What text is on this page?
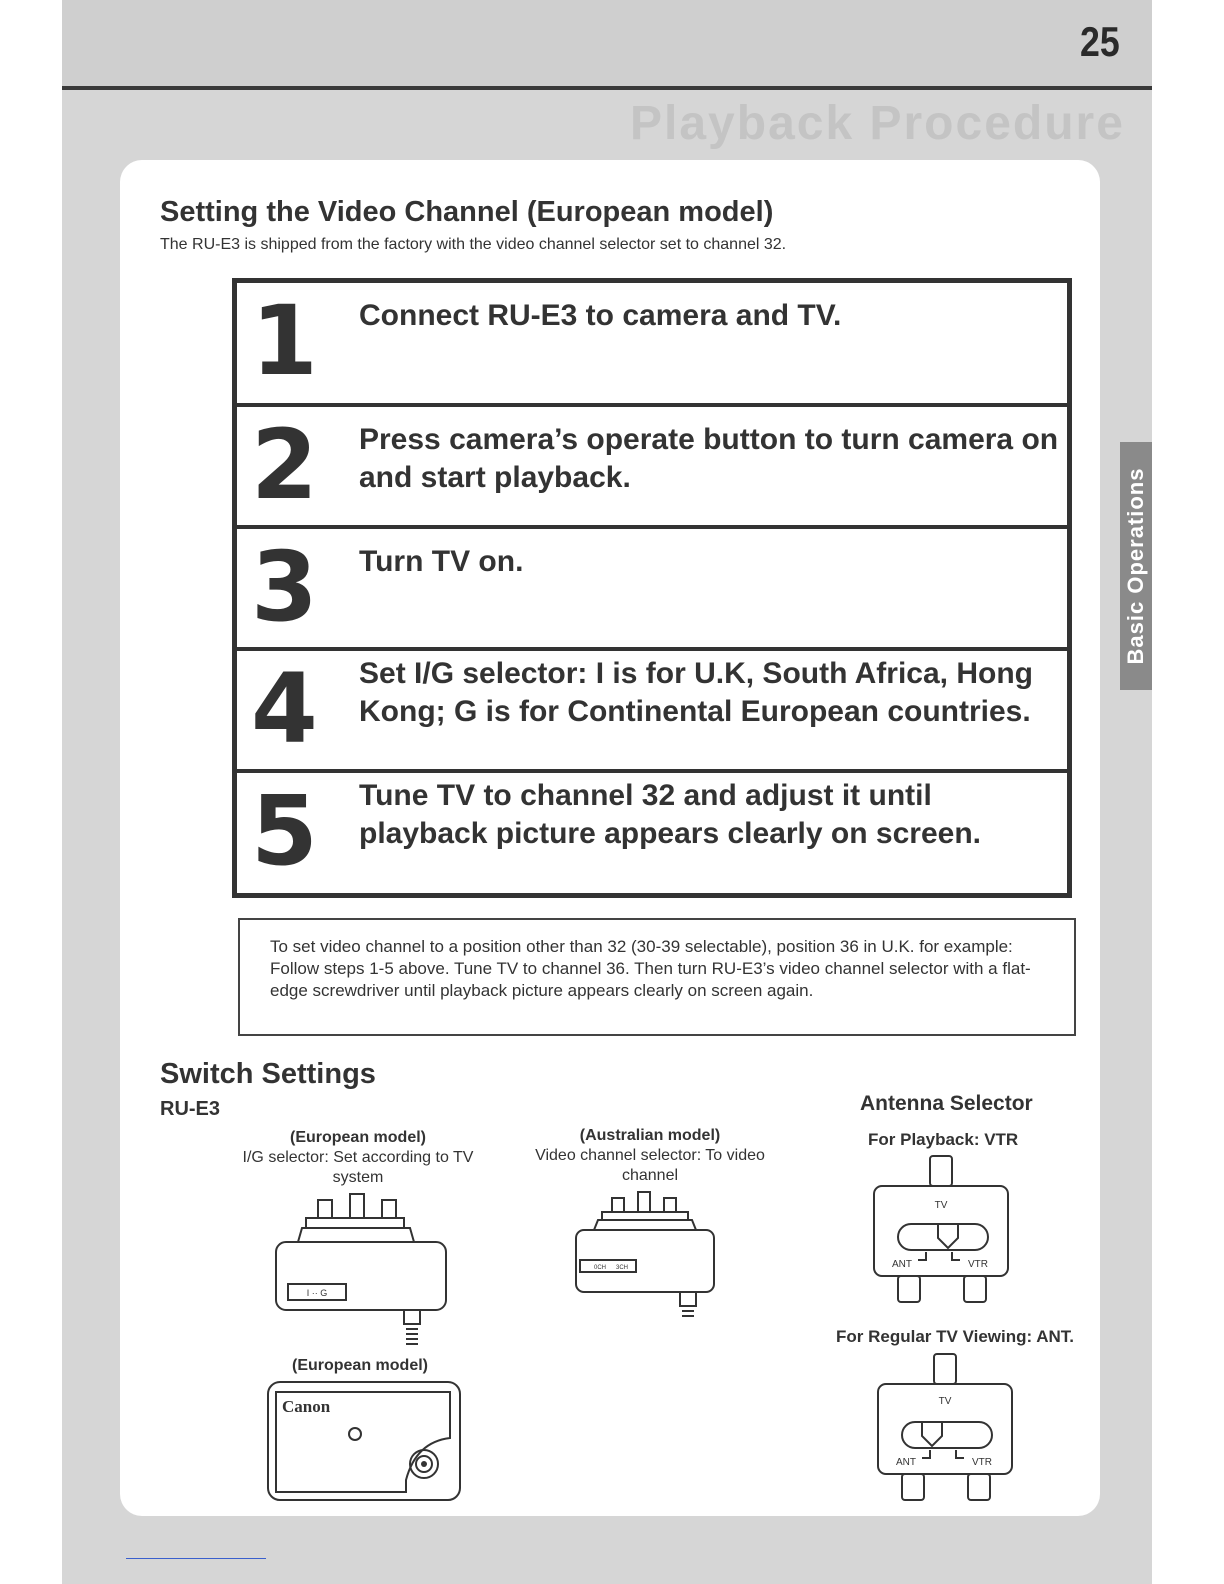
Playback Procedure
25
Basic Operations
Setting the Video Channel (European model)
The RU-E3 is shipped from the factory with the video channel selector set to channel 32.
1 Connect RU-E3 to camera and TV.
2 Press camera’s operate button to turn camera on and start playback.
3 Turn TV on.
4 Set I/G selector: I is for U.K, South Africa, Hong Kong; G is for Continental European countries.
5 Tune TV to channel 32 and adjust it until playback picture appears clearly on screen.
To set video channel to a position other than 32 (30-39 selectable), position 36 in U.K. for example: Follow steps 1-5 above. Tune TV to channel 36. Then turn RU-E3’s video channel selector with a flat-edge screwdriver until playback picture appears clearly on screen again.
Switch Settings
RU-E3
(European model)
I/G selector: Set according to TV system
I ·· G
(Australian model)
Video channel selector: To video channel
0CH 3CH
(European model)
Canon
Antenna Selector
For Playback: VTR
TV
ANT	VTR
For Regular TV Viewing: ANT.
TV
ANT	VTR
